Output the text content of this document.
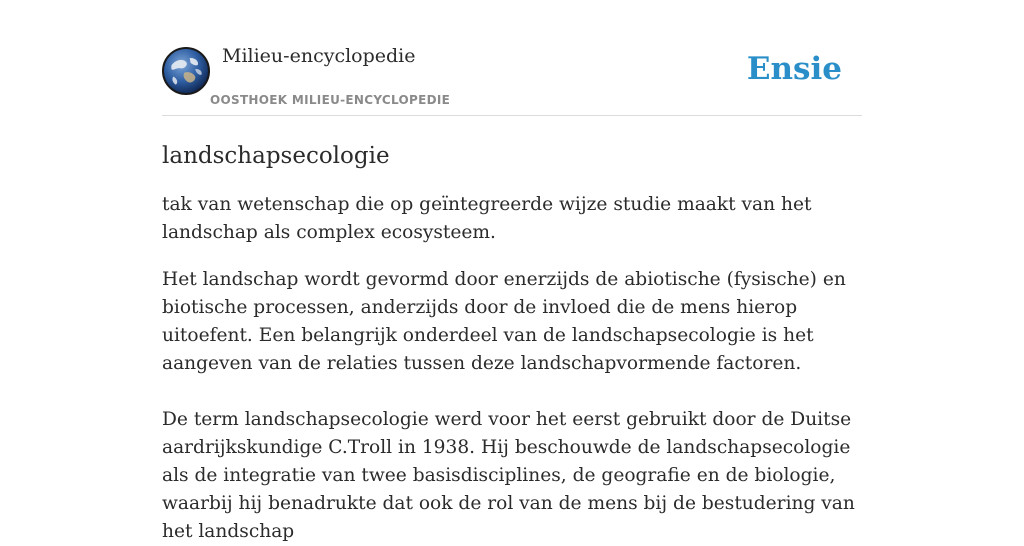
Milieu-encyclopedie
OOSTHOEK MILIEU-ENCYCLOPEDIE
Ensie
landschapsecologie

tak van wetenschap die op geïntegreerde wijze studie maakt van het landschap als complex ecosysteem.

Het landschap wordt gevormd door enerzijds de abiotische (fysische) en biotische processen, anderzijds door de invloed die de mens hierop uitoefent. Een belangrijk onderdeel van de landschapsecologie is het aangeven van de relaties tussen deze landschapvormende factoren.

De term landschapsecologie werd voor het eerst gebruikt door de Duitse aardrijkskundige C.Troll in 1938. Hij beschouwde de landschapsecologie als de integratie van twee basisdisciplines, de geografie en de biologie, waarbij hij benadrukte dat ook de rol van de mens bij de bestudering van het landschap
